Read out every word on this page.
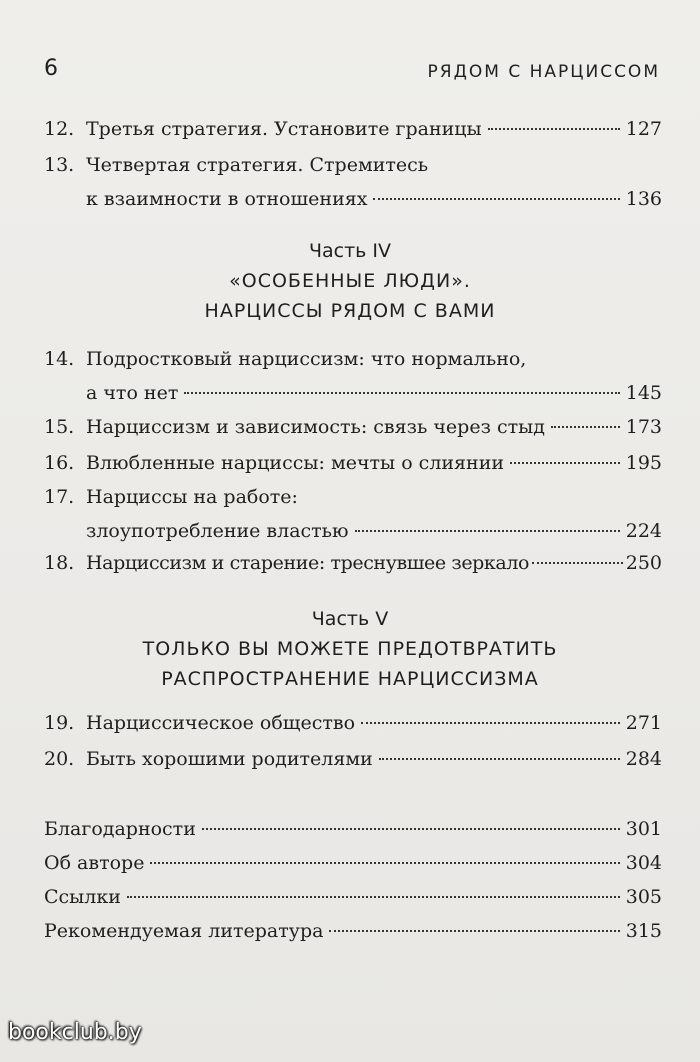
6	РЯДОМ С НАРЦИССОМ
12. Третья стратегия. Установите границы	127
13. Четвертая стратегия. Стремитесь
к взаимности в отношениях	136
Часть IV
«ОСОБЕННЫЕ ЛЮДИ».
НАРЦИССЫ РЯДОМ С ВАМИ
14. Подростковый нарциссизм: что нормально,
а что нет	145
15. Нарциссизм и зависимость: связь через стыд	173
16. Влюбленные нарциссы: мечты о слиянии	195
17. Нарциссы на работе:
злоупотребление властью	224
18. Нарциссизм и старение: треснувшее зеркало	250
Часть V
ТОЛЬКО ВЫ МОЖЕТЕ ПРЕДОТВРАТИТЬ
РАСПРОСТРАНЕНИЕ НАРЦИССИЗМА
19. Нарциссическое общество	271
20. Быть хорошими родителями	284
Благодарности	301
Об авторе	304
Ссылки	305
Рекомендуемая литература	315
bookclub.by
